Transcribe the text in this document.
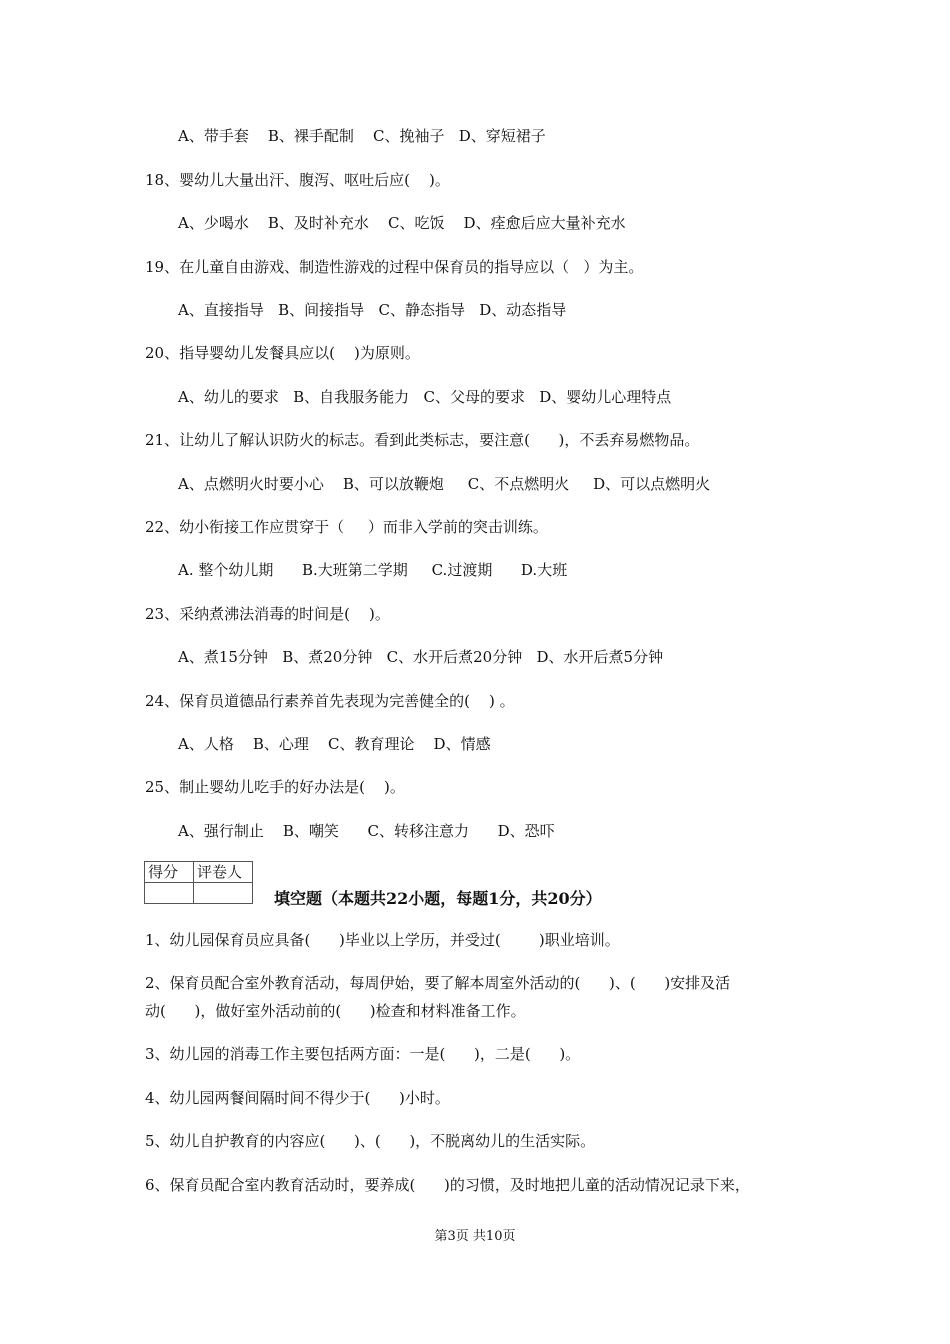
A、带手套    B、裸手配制    C、挽袖子   D、穿短裙子

18、婴幼儿大量出汗、腹泻、呕吐后应(    )。

A、少喝水    B、及时补充水    C、吃饭    D、痊愈后应大量补充水

19、在儿童自由游戏、制造性游戏的过程中保育员的指导应以（   ）为主。

A、直接指导   B、间接指导   C、静态指导   D、动态指导

20、指导婴幼儿发餐具应以(    )为原则。

A、幼儿的要求   B、自我服务能力   C、父母的要求   D、婴幼儿心理特点

21、让幼儿了解认识防火的标志。看到此类标志，要注意(      )，不丢弃易燃物品。

A、点燃明火时要小心    B、可以放鞭炮     C、不点燃明火     D、可以点燃明火

22、幼小衔接工作应贯穿于（     ）而非入学前的突击训练。

A. 整个幼儿期      B.大班第二学期     C.过渡期      D.大班

23、采纳煮沸法消毒的时间是(    )。

A、煮15分钟   B、煮20分钟   C、水开后煮20分钟   D、水开后煮5分钟

24、保育员道德品行素养首先表现为完善健全的(    ) 。

A、人格    B、心理    C、教育理论    D、情感

25、制止婴幼儿吃手的好办法是(    )。

A、强行制止    B、嘲笑      C、转移注意力      D、恐吓

得分	评卷人

填空题（本题共22小题，每题1分，共20分）

1、幼儿园保育员应具备(      )毕业以上学历，并受过(        )职业培训。

2、保育员配合室外教育活动，每周伊始，要了解本周室外活动的(      )、(      )安排及活

动(      )，做好室外活动前的(      )检查和材料准备工作。

3、幼儿园的消毒工作主要包括两方面：一是(      )，二是(      )。

4、幼儿园两餐间隔时间不得少于(      )小时。

5、幼儿自护教育的内容应(      )、(      )，不脱离幼儿的生活实际。

6、保育员配合室内教育活动时，要养成(      )的习惯，及时地把儿童的活动情况记录下来，

第3页 共10页
